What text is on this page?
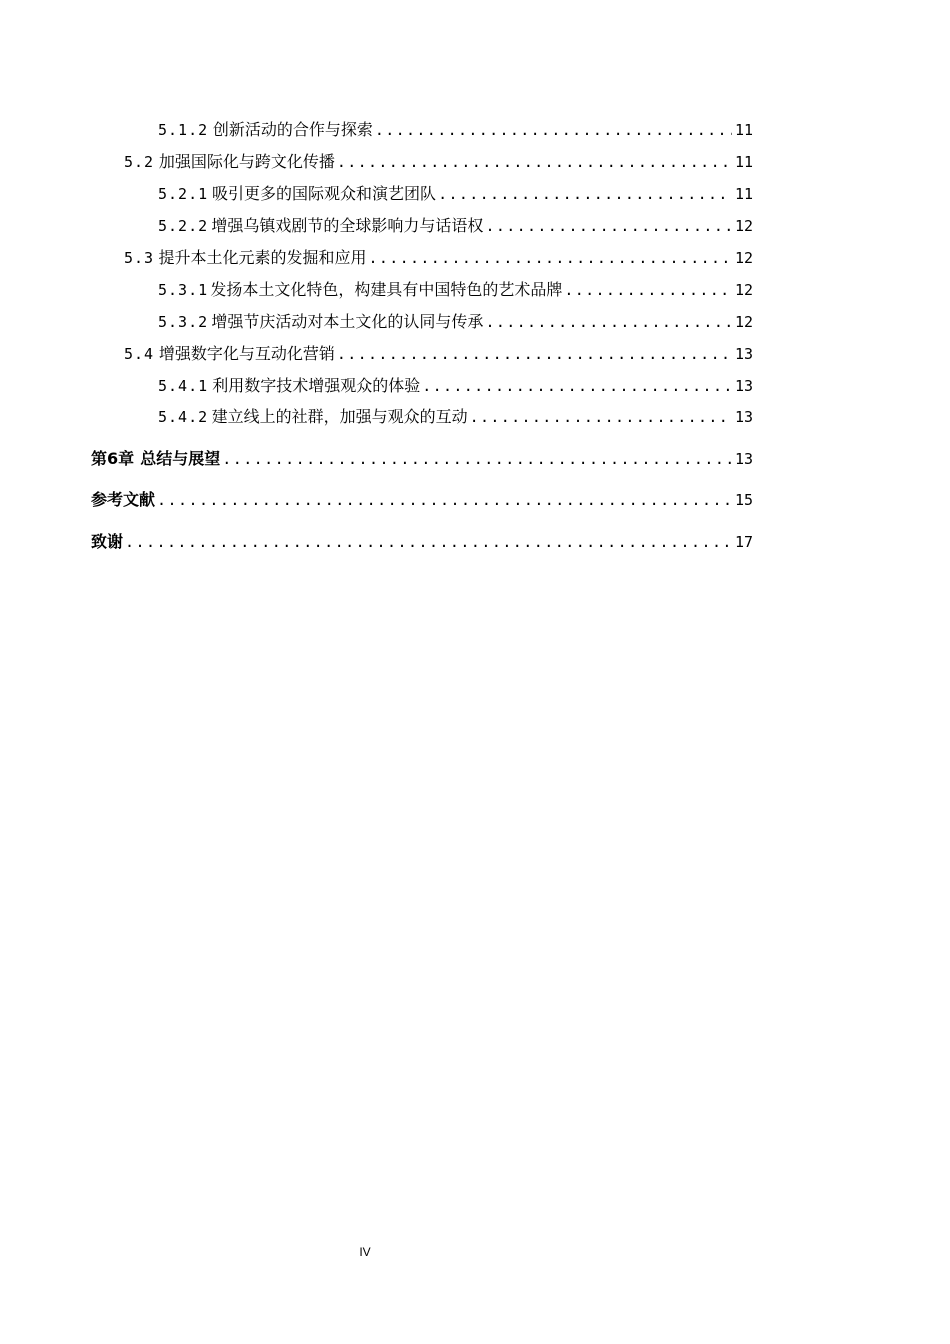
5.1.2 创新活动的合作与探索 .....	11
5.2 加强国际化与跨文化传播 .....	11
5.2.1 吸引更多的国际观众和演艺团队 .....	11
5.2.2 增强乌镇戏剧节的全球影响力与话语权 .....	12
5.3 提升本土化元素的发掘和应用 .....	12
5.3.1 发扬本土文化特色，构建具有中国特色的艺术品牌 .....	12
5.3.2 增强节庆活动对本土文化的认同与传承 .....	12
5.4 增强数字化与互动化营销 .....	13
5.4.1 利用数字技术增强观众的体验 .....	13
5.4.2 建立线上的社群，加强与观众的互动 .....	13
第6章 总结与展望 .....	13
参考文献 .....	15
致谢 .....	17
IV
